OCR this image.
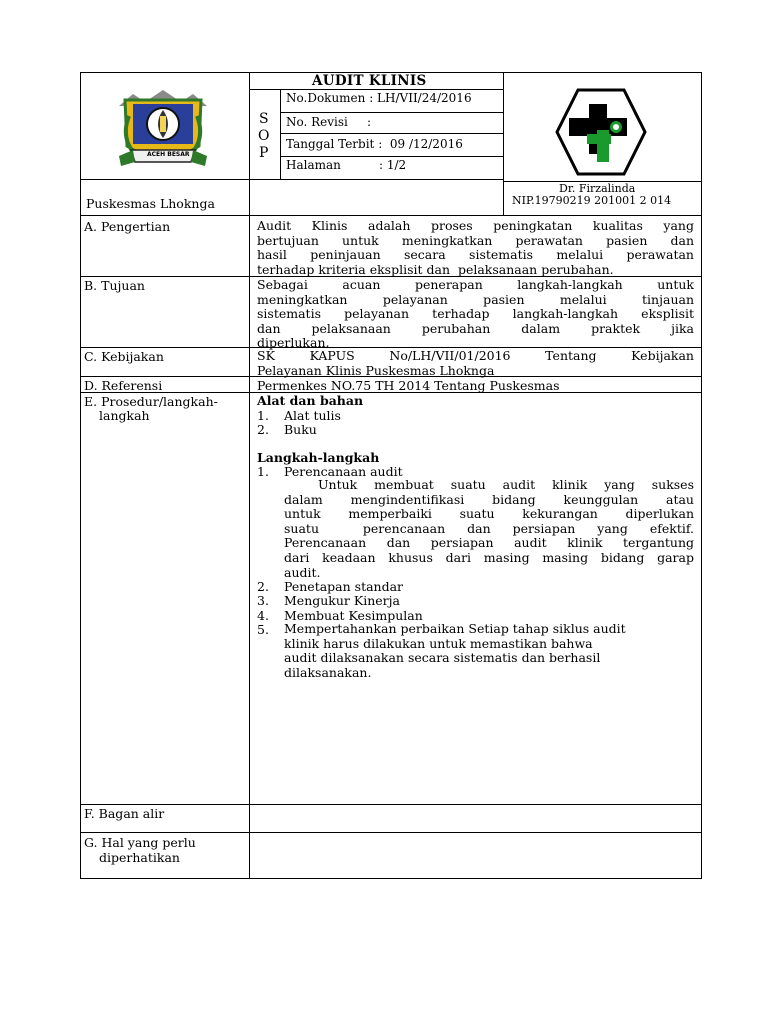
ACEH BESAR
AUDIT KLINIS
S
O
P
No.Dokumen : LH/VII/24/2016
No. Revisi     :
Tanggal Terbit :  09 /12/2016
Halaman          : 1/2
Puskesmas Lhoknga
Dr. Firzalinda
NIP.19790219 201001 2 014
A. Pengertian
B. Tujuan
C. Kebijakan
D. Referensi
E. Prosedur/langkah-
langkah
F. Bagan alir
G. Hal yang perlu
diperhatikan
Audit Klinis adalah proses peningkatan kualitas yang
bertujuan untuk meningkatkan perawatan pasien dan
hasil peninjauan secara sistematis melalui perawatan
terhadap kriteria eksplisit dan  pelaksanaan perubahan.
Sebagai acuan penerapan langkah-langkah untuk
meningkatkan pelayanan pasien melalui tinjauan
sistematis pelayanan terhadap langkah-langkah eksplisit
dan pelaksanaan perubahan dalam praktek jika
diperlukan.
SK KAPUS No/LH/VII/01/2016 Tentang Kebijakan
Pelayanan Klinis Puskesmas Lhoknga
Permenkes NO.75 TH 2014 Tentang Puskesmas
Alat dan bahan
1. Alat tulis
2. Buku
Langkah-langkah
1. Perencanaan audit
Untuk membuat suatu audit klinik yang sukses
dalam mengindentifikasi bidang keunggulan atau
untuk memperbaiki suatu kekurangan diperlukan
suatu  perencanaan dan persiapan yang efektif.
Perencanaan dan persiapan audit klinik tergantung
dari keadaan khusus dari masing masing bidang garap
audit.
2. Penetapan standar
3. Mengukur Kinerja
4. Membuat Kesimpulan
5. Mempertahankan perbaikan Setiap tahap siklus audit
klinik harus dilakukan untuk memastikan bahwa
audit dilaksanakan secara sistematis dan berhasil
dilaksanakan.
